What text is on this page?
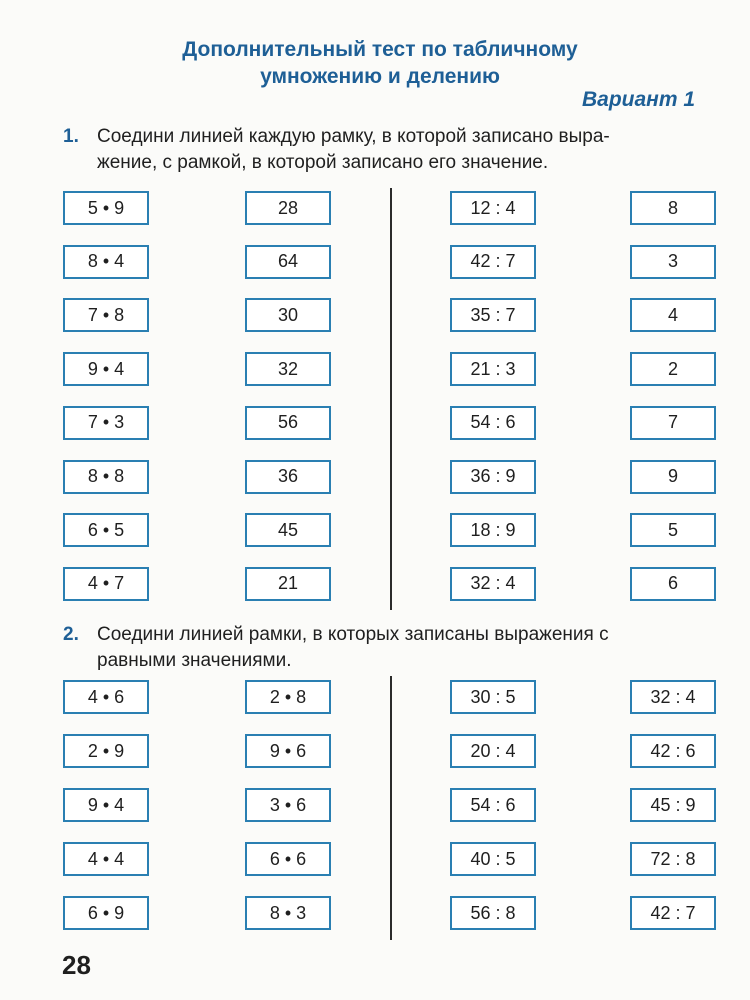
Дополнительный тест по табличному
умножению и делению
Вариант 1
1. Соедини линией каждую рамку, в которой записано выра-
жение, с рамкой, в которой записано его значение.
5 • 9
8 • 4
7 • 8
9 • 4
7 • 3
8 • 8
6 • 5
4 • 7
28
64
30
32
56
36
45
21
12 : 4
42 : 7
35 : 7
21 : 3
54 : 6
36 : 9
18 : 9
32 : 4
8
3
4
2
7
9
5
6
2. Соедини линией рамки, в которых записаны выражения с
равными значениями.
4 • 6
2 • 9
9 • 4
4 • 4
6 • 9
2 • 8
9 • 6
3 • 6
6 • 6
8 • 3
30 : 5
20 : 4
54 : 6
40 : 5
56 : 8
32 : 4
42 : 6
45 : 9
72 : 8
42 : 7
28
